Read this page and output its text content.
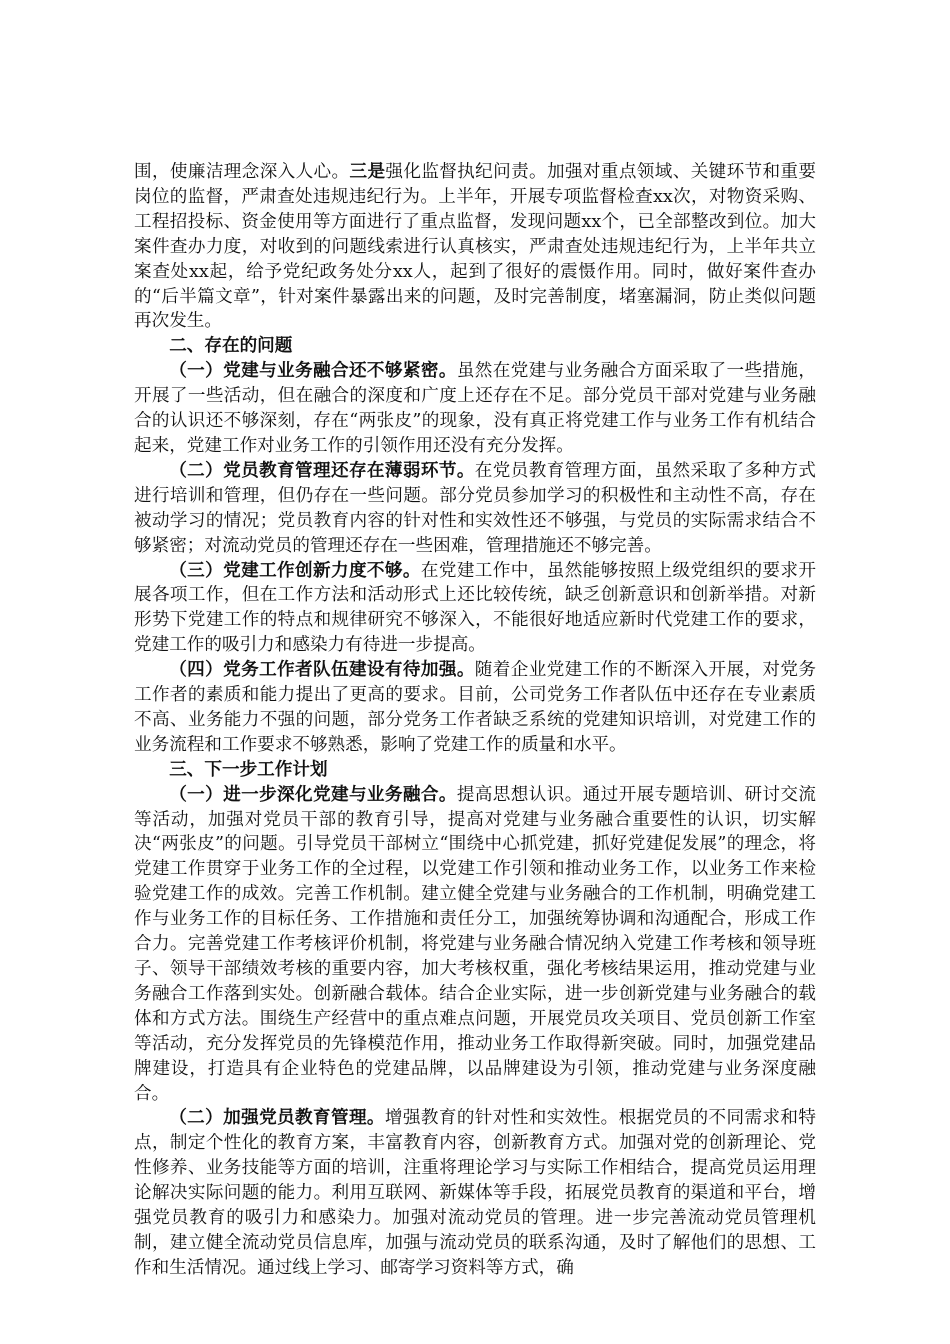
围，使廉洁理念深入人心。三是强化监督执纪问责。加强对重点领域、关键环节和重要岗位的监督，严肃查处违规违纪行为。上半年，开展专项监督检查xx次，对物资采购、工程招投标、资金使用等方面进行了重点监督，发现问题xx个，已全部整改到位。加大案件查办力度，对收到的问题线索进行认真核实，严肃查处违规违纪行为，上半年共立案查处xx起，给予党纪政务处分xx人，起到了很好的震慑作用。同时，做好案件查办的“后半篇文章”，针对案件暴露出来的问题，及时完善制度，堵塞漏洞，防止类似问题再次发生。

二、存在的问题

（一）党建与业务融合还不够紧密。虽然在党建与业务融合方面采取了一些措施，开展了一些活动，但在融合的深度和广度上还存在不足。部分党员干部对党建与业务融合的认识还不够深刻，存在“两张皮”的现象，没有真正将党建工作与业务工作有机结合起来，党建工作对业务工作的引领作用还没有充分发挥。

（二）党员教育管理还存在薄弱环节。在党员教育管理方面，虽然采取了多种方式进行培训和管理，但仍存在一些问题。部分党员参加学习的积极性和主动性不高，存在被动学习的情况；党员教育内容的针对性和实效性还不够强，与党员的实际需求结合不够紧密；对流动党员的管理还存在一些困难，管理措施还不够完善。

（三）党建工作创新力度不够。在党建工作中，虽然能够按照上级党组织的要求开展各项工作，但在工作方法和活动形式上还比较传统，缺乏创新意识和创新举措。对新形势下党建工作的特点和规律研究不够深入，不能很好地适应新时代党建工作的要求，党建工作的吸引力和感染力有待进一步提高。

（四）党务工作者队伍建设有待加强。随着企业党建工作的不断深入开展，对党务工作者的素质和能力提出了更高的要求。目前，公司党务工作者队伍中还存在专业素质不高、业务能力不强的问题，部分党务工作者缺乏系统的党建知识培训，对党建工作的业务流程和工作要求不够熟悉，影响了党建工作的质量和水平。

三、下一步工作计划

（一）进一步深化党建与业务融合。提高思想认识。通过开展专题培训、研讨交流等活动，加强对党员干部的教育引导，提高对党建与业务融合重要性的认识，切实解决“两张皮”的问题。引导党员干部树立“围绕中心抓党建，抓好党建促发展”的理念，将党建工作贯穿于业务工作的全过程，以党建工作引领和推动业务工作，以业务工作来检验党建工作的成效。完善工作机制。建立健全党建与业务融合的工作机制，明确党建工作与业务工作的目标任务、工作措施和责任分工，加强统筹协调和沟通配合，形成工作合力。完善党建工作考核评价机制，将党建与业务融合情况纳入党建工作考核和领导班子、领导干部绩效考核的重要内容，加大考核权重，强化考核结果运用，推动党建与业务融合工作落到实处。创新融合载体。结合企业实际，进一步创新党建与业务融合的载体和方式方法。围绕生产经营中的重点难点问题，开展党员攻关项目、党员创新工作室等活动，充分发挥党员的先锋模范作用，推动业务工作取得新突破。同时，加强党建品牌建设，打造具有企业特色的党建品牌，以品牌建设为引领，推动党建与业务深度融合。

（二）加强党员教育管理。增强教育的针对性和实效性。根据党员的不同需求和特点，制定个性化的教育方案，丰富教育内容，创新教育方式。加强对党的创新理论、党性修养、业务技能等方面的培训，注重将理论学习与实际工作相结合，提高党员运用理论解决实际问题的能力。利用互联网、新媒体等手段，拓展党员教育的渠道和平台，增强党员教育的吸引力和感染力。加强对流动党员的管理。进一步完善流动党员管理机制，建立健全流动党员信息库，加强与流动党员的联系沟通，及时了解他们的思想、工作和生活情况。通过线上学习、邮寄学习资料等方式，确
